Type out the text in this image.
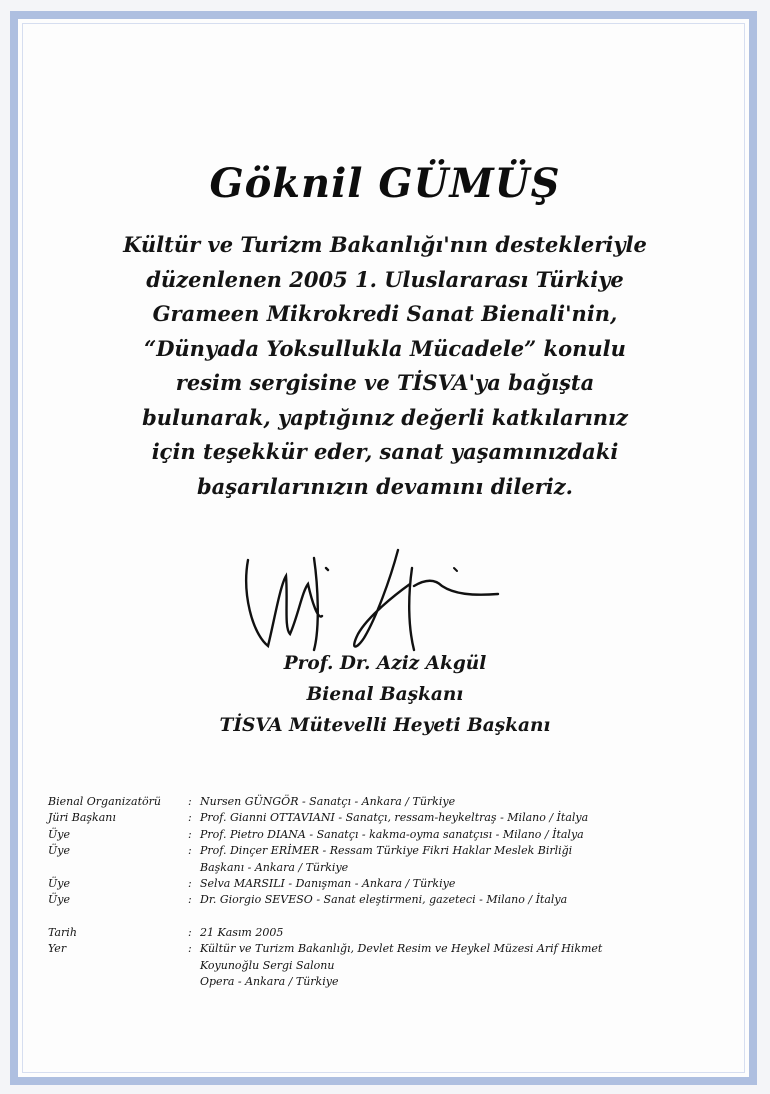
Göknil GÜMÜŞ
Kültür ve Turizm Bakanlığı'nın destekleriyle
düzenlenen 2005 1. Uluslararası Türkiye
Grameen Mikrokredi Sanat Bienali'nin,
“Dünyada Yoksullukla Mücadele” konulu
resim sergisine ve TİSVA'ya bağışta
bulunarak, yaptığınız değerli katkılarınız
için teşekkür eder, sanat yaşamınızdaki
başarılarınızın devamını dileriz.
Prof. Dr. Aziz Akgül
Bienal Başkanı
TİSVA Mütevelli Heyeti Başkanı
Bienal Organizatörü	: Nursen GÜNGÖR - Sanatçı - Ankara / Türkiye
Jüri Başkanı	: Prof. Gianni OTTAVIANI - Sanatçı, ressam-heykeltraş - Milano / İtalya
Üye	: Prof. Pietro DIANA - Sanatçı - kakma-oyma sanatçısı - Milano / İtalya
Üye	: Prof. Dinçer ERİMER - Ressam Türkiye Fikri Haklar Meslek Birliği
Başkanı - Ankara / Türkiye
Üye	: Selva MARSILI - Danışman - Ankara / Türkiye
Üye	: Dr. Giorgio SEVESO - Sanat eleştirmeni, gazeteci - Milano / İtalya
Tarih	: 21 Kasım 2005
Yer	: Kültür ve Turizm Bakanlığı, Devlet Resim ve Heykel Müzesi Arif Hikmet
Koyunoğlu Sergi Salonu
Opera - Ankara / Türkiye
